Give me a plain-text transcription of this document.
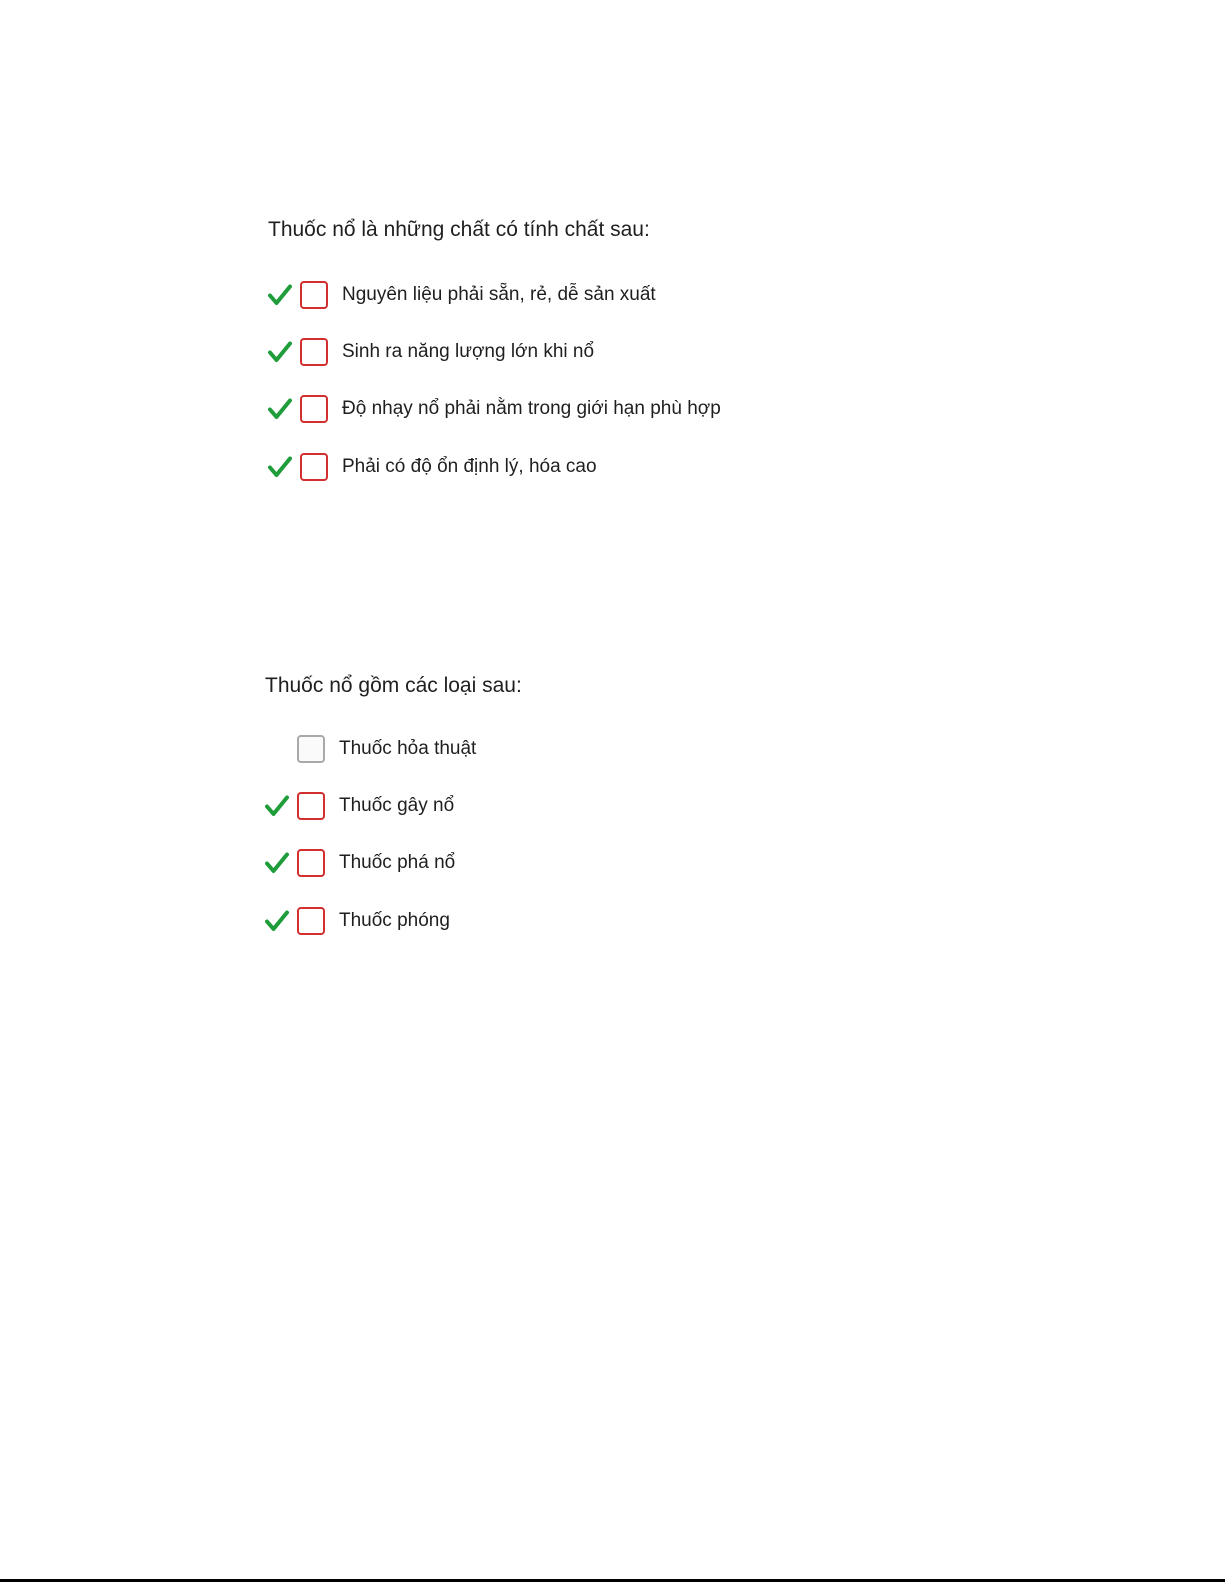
Thuốc nổ là những chất có tính chất sau:
Nguyên liệu phải sẵn, rẻ, dễ sản xuất
Sinh ra năng lượng lớn khi nổ
Độ nhạy nổ phải nằm trong giới hạn phù hợp
Phải có độ ổn định lý, hóa cao
Thuốc nổ gồm các loại sau:
Thuốc hỏa thuật
Thuốc gây nổ
Thuốc phá nổ
Thuốc phóng
